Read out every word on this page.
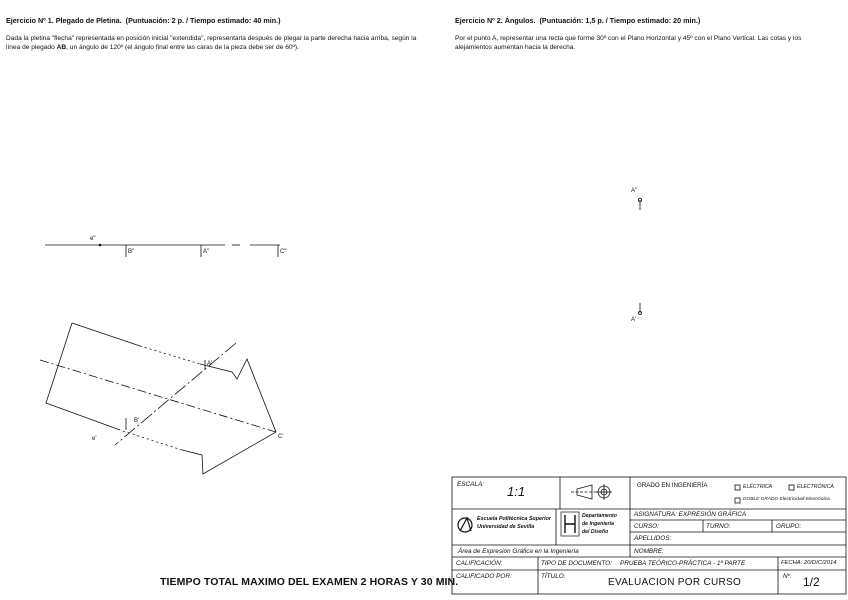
Ejercicio Nº 1. Plegado de Pletina. (Puntuación: 2 p. / Tiempo estimado: 40 min.)
Dada la pletina "flecha" representada en posición inicial "extendida", representarla después de plegar la parte derecha hacia arriba, según la línea de plegado AB, un ángulo de 120º (el ángulo final entre las caras de la pieza debe ser de 60º).
Ejercicio Nº 2. Ángulos. (Puntuación: 1,5 p. / Tiempo estimado: 20 min.)
Por el punto A, representar una recta que forme 30º con el Plano Horizontal y 45º con el Plano Vertical. Las cotas y los alejamientos aumentan hacia la derecha.
e"
B"	A"	C"
A'
B'
C'
e'
A"
A'
TIEMPO TOTAL MAXIMO DEL EXAMEN 2 HORAS Y 30 MIN.
ESCALA: 1:1	GRADO EN INGENIERÍA	ELÉCTRICA	ELECTRÓNICA
DOBLE GRADO Electricidad-Electrónica
Escuela Politécnica Superior
Universidad de Sevilla
Departamento
de Ingeniería
del Diseño
ASIGNATURA: EXPRESIÓN GRÁFICA
CURSO:	TURNO:	GRUPO:
APELLIDOS:
NOMBRE:
Área de Expresión Gráfica en la Ingeniería
CALIFICACIÓN:	TIPO DE DOCUMENTO: PRUEBA TEÓRICO-PRÁCTICA - 1ª PARTE	FECHA: 20/DIC/2014
CALIFICADO POR:	TÍTULO:
EVALUACION POR CURSO
Nº. 1/2
